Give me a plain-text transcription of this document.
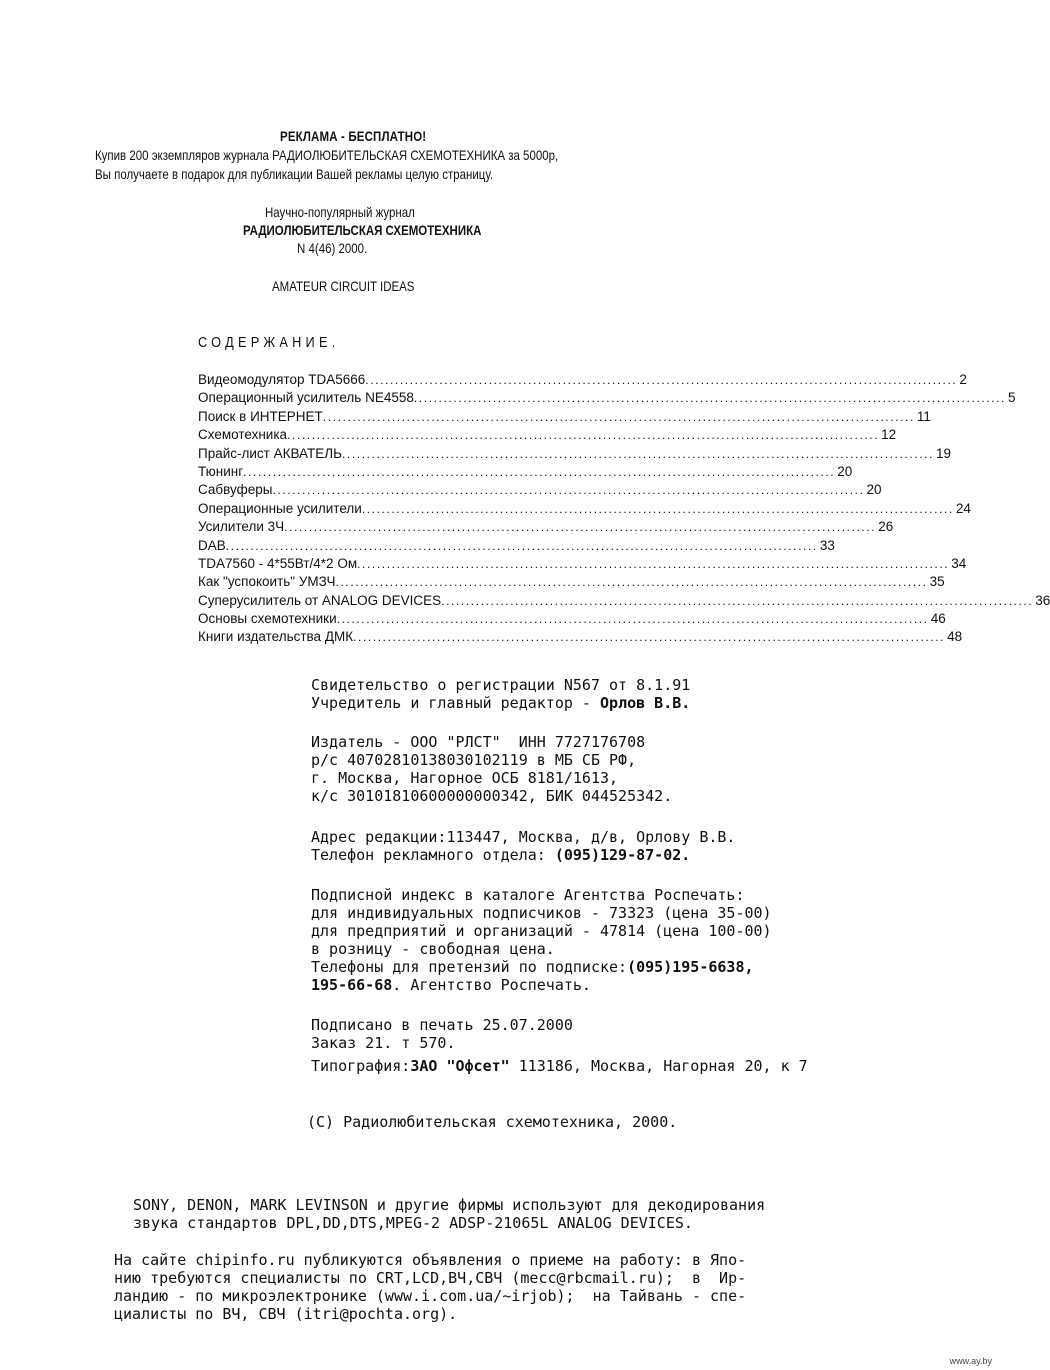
РЕКЛАМА - БЕСПЛАТНО!
Купив 200 экземпляров журнала РАДИОЛЮБИТЕЛЬСКАЯ СХЕМОТЕХНИКА за 5000р,
Вы получаете в подарок для публикации Вашей рекламы целую страницу.
Научно-популярный журнал
РАДИОЛЮБИТЕЛЬСКАЯ СХЕМОТЕХНИКА
N 4(46) 2000.
AMATEUR CIRCUIT IDEAS
СОДЕРЖАНИЕ.
Видеомодулятор TDA5666 ........................................................................................................................ 2
Операционный усилитель NE4558 ........................................................................................................................ 5
Поиск в ИНТЕРНЕТ ........................................................................................................................ 11
Схемотехника ........................................................................................................................ 12
Прайс-лист АКВАТЕЛЬ ........................................................................................................................ 19
Тюнинг ........................................................................................................................ 20
Сабвуферы ........................................................................................................................ 20
Операционные усилители ........................................................................................................................ 24
Усилители 3Ч ........................................................................................................................ 26
DAB ........................................................................................................................ 33
TDA7560 - 4*55Вт/4*2 Ом ........................................................................................................................ 34
Как "успокоить" УМЗЧ ........................................................................................................................ 35
Суперусилитель от ANALOG DEVICES ........................................................................................................................ 36
Основы схемотехники ........................................................................................................................ 46
Книги издательства ДМК ........................................................................................................................ 48
Свидетельство о регистрации N567 от 8.1.91
Учредитель и главный редактор - Орлов В.В.
Издатель - ООО "РЛСТ"  ИНН 7727176708
р/с 40702810138030102119 в МБ СБ РФ,
г. Москва, Нагорное ОСБ 8181/1613,
к/с 30101810600000000342, БИК 044525342.
Адрес редакции:113447, Москва, д/в, Орлову В.В.
Телефон рекламного отдела: (095)129-87-02.
Подписной индекс в каталоге Агентства Роспечать:
для индивидуальных подписчиков - 73323 (цена 35-00)
для предприятий и организаций - 47814 (цена 100-00)
в розницу - свободная цена.
Телефоны для претензий по подписке:(095)195-6638,
195-66-68. Агентство Роспечать.
Подписано в печать 25.07.2000
Заказ 21. т 570.
Типография:ЗАО "Офсет" 113186, Москва, Нагорная 20, к 7
(С) Радиолюбительская схемотехника, 2000.
SONY, DENON, MARK LEVINSON и другие фирмы используют для декодирования
звука стандартов DPL,DD,DTS,MPEG-2 ADSP-21065L ANALOG DEVICES.
На сайте chipinfo.ru публикуются объявления о приеме на работу: в Япо-
нию требуются специалисты по CRT,LCD,ВЧ,СВЧ (mecc@rbcmail.ru);  в  Ир-
ландию - по микроэлектронике (www.i.com.ua/~irjob);  на Тайвань - спе-
циалисты по ВЧ, СВЧ (itri@pochta.org).
www.ay.by
